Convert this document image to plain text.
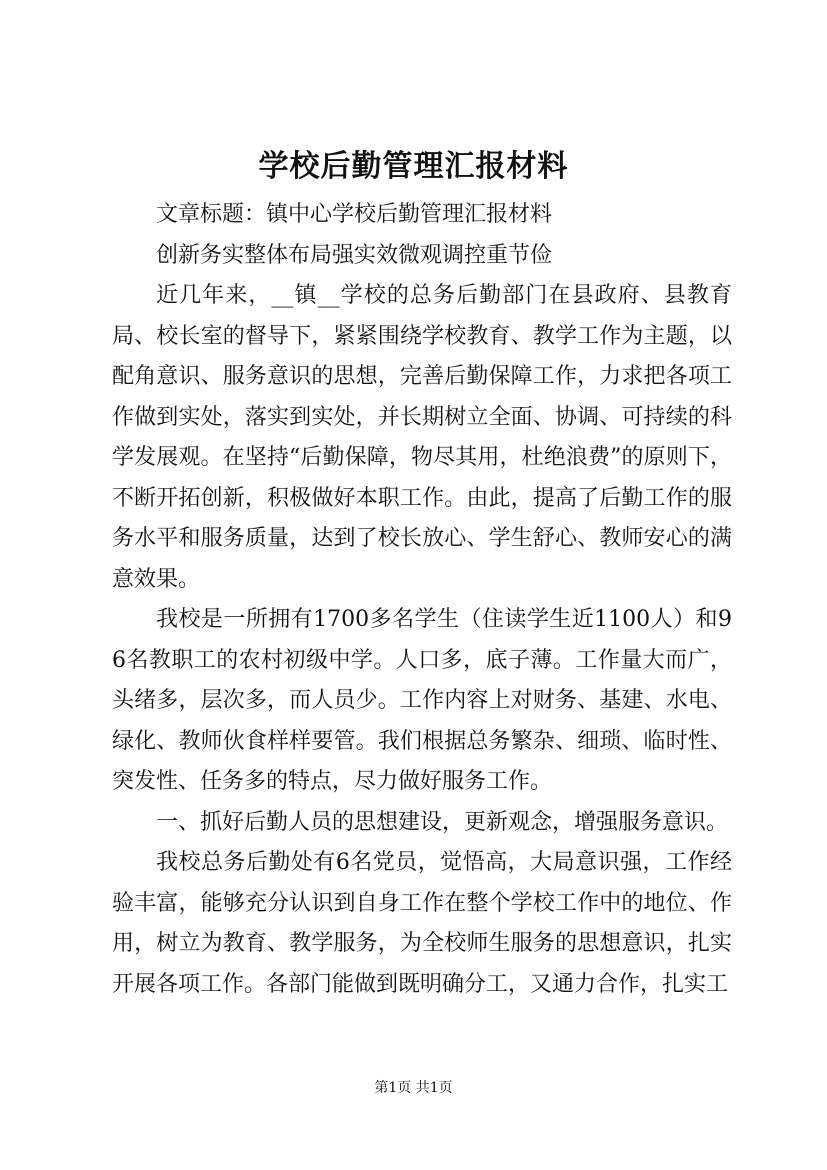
学校后勤管理汇报材料

文章标题：镇中心学校后勤管理汇报材料

创新务实整体布局强实效微观调控重节俭

近几年来，__镇__学校的总务后勤部门在县政府、县教育局、校长室的督导下，紧紧围绕学校教育、教学工作为主题，以配角意识、服务意识的思想，完善后勤保障工作，力求把各项工作做到实处，落实到实处，并长期树立全面、协调、可持续的科学发展观。在坚持“后勤保障，物尽其用，杜绝浪费”的原则下，不断开拓创新，积极做好本职工作。由此，提高了后勤工作的服务水平和服务质量，达到了校长放心、学生舒心、教师安心的满意效果。

我校是一所拥有1700多名学生（住读学生近1100人）和96名教职工的农村初级中学。人口多，底子薄。工作量大而广，头绪多，层次多，而人员少。工作内容上对财务、基建、水电、绿化、教师伙食样样要管。我们根据总务繁杂、细琐、临时性、突发性、任务多的特点，尽力做好服务工作。

一、抓好后勤人员的思想建设，更新观念，增强服务意识。

我校总务后勤处有6名党员，觉悟高，大局意识强，工作经验丰富，能够充分认识到自身工作在整个学校工作中的地位、作用，树立为教育、教学服务，为全校师生服务的思想意识，扎实开展各项工作。各部门能做到既明确分工，又通力合作，扎实工

第1页 共1页
